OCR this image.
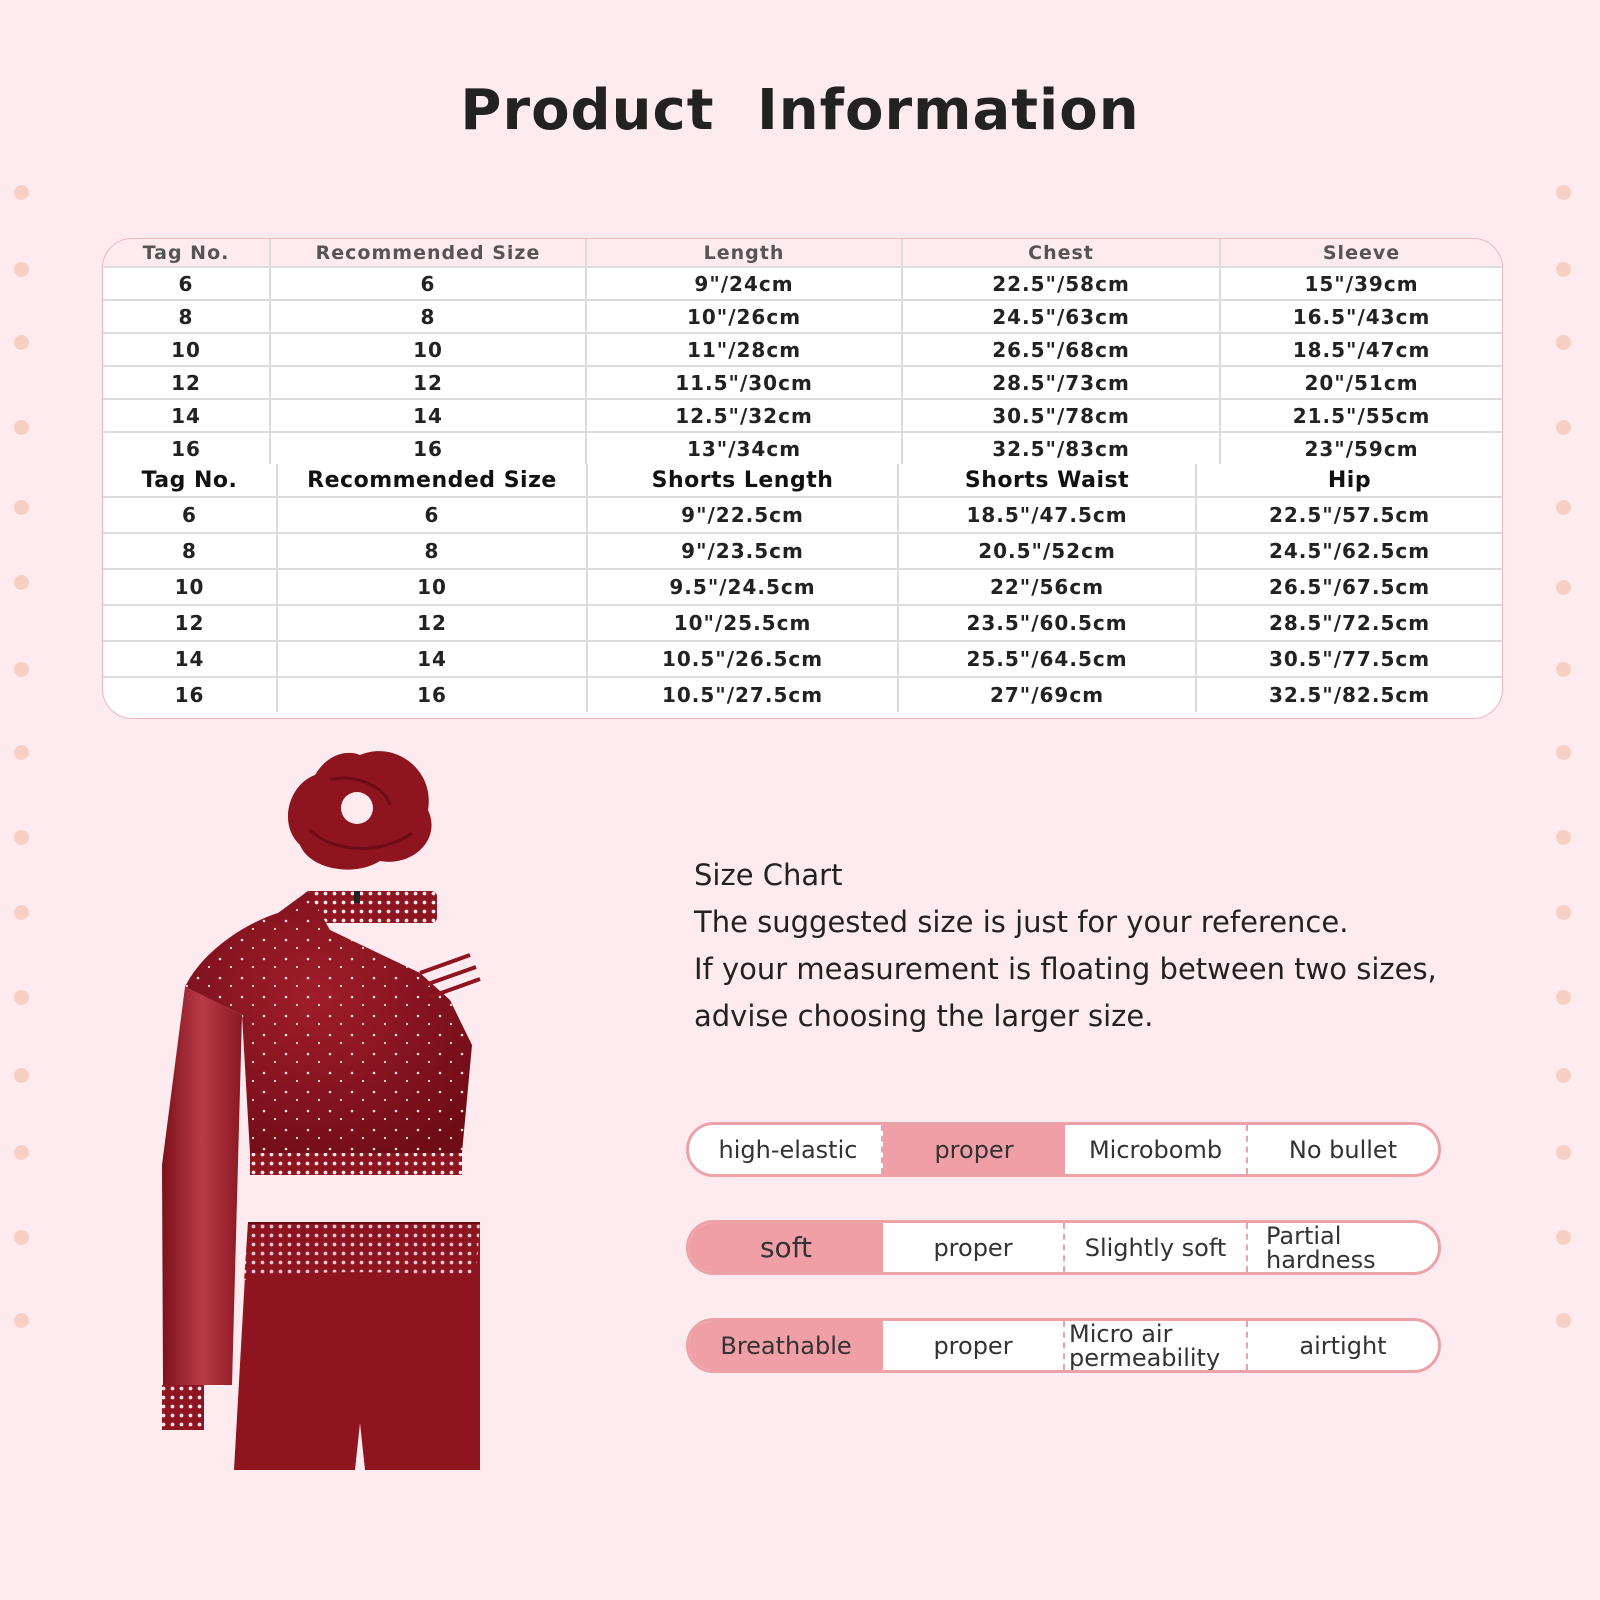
Product Information
Tag No.	Recommended Size	Length	Chest	Sleeve
6	6	9"/24cm	22.5"/58cm	15"/39cm
8	8	10"/26cm	24.5"/63cm	16.5"/43cm
10	10	11"/28cm	26.5"/68cm	18.5"/47cm
12	12	11.5"/30cm	28.5"/73cm	20"/51cm
14	14	12.5"/32cm	30.5"/78cm	21.5"/55cm
16	16	13"/34cm	32.5"/83cm	23"/59cm
Tag No.	Recommended Size	Shorts Length	Shorts Waist	Hip
6	6	9"/22.5cm	18.5"/47.5cm	22.5"/57.5cm
8	8	9"/23.5cm	20.5"/52cm	24.5"/62.5cm
10	10	9.5"/24.5cm	22"/56cm	26.5"/67.5cm
12	12	10"/25.5cm	23.5"/60.5cm	28.5"/72.5cm
14	14	10.5"/26.5cm	25.5"/64.5cm	30.5"/77.5cm
16	16	10.5"/27.5cm	27"/69cm	32.5"/82.5cm

Size Chart

The suggested size is just for your reference.

If your measurement is floating between two sizes,

advise choosing the larger size.

high-elastic	proper	Microbomb	No bullet
soft	proper	Slightly soft	Partial hardness
Breathable	proper	Micro air permeability	airtight
